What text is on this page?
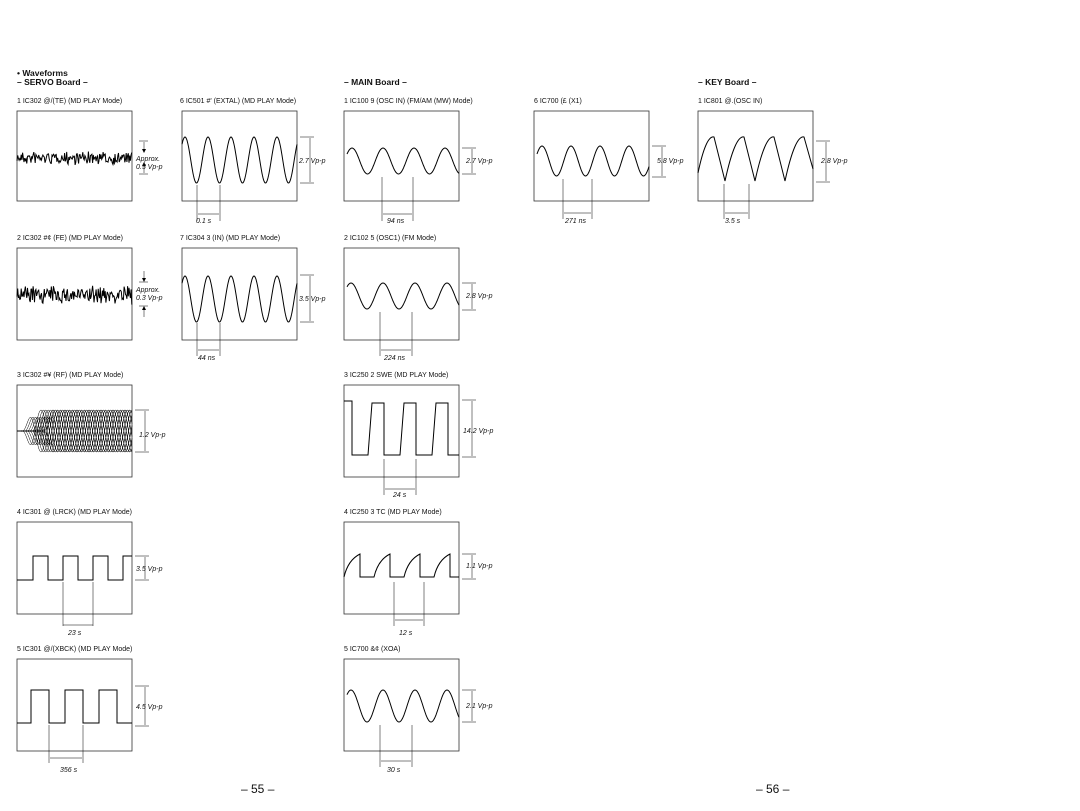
• Waveforms
– SERVO Board –	– MAIN Board –	– KEY Board –
1 IC302 @/(TE) (MD PLAY Mode)
Approx.
0.5 Vp-p
2 IC302 #¢ (FE) (MD PLAY Mode)
Approx.
0.3 Vp-p
3 IC302 #¥ (RF) (MD PLAY Mode)
1.2 Vp-p
4 IC301 @ (LRCK) (MD PLAY Mode)
23 s
3.5 Vp-p
5 IC301 @/(XBCK) (MD PLAY Mode)
4.5 Vp-p
356 s
6 IC501 #' (EXTAL) (MD PLAY Mode)
2.7 Vp-p
0.1 s
7 IC304 3 (IN) (MD PLAY Mode)
3.5 Vp-p
44 ns
1 IC100 9 (OSC IN) (FM/AM (MW) Mode)
2.7 Vp-p
94 ns
2 IC102 5 (OSC1) (FM Mode)
2.8 Vp-p
224 ns
3 IC250 2 SWE (MD PLAY Mode)
14.2 Vp-p
24 s
4 IC250 3 TC (MD PLAY Mode)
1.1 Vp-p
12 s
5 IC700 &¢ (XOA)
2.1 Vp-p
30 s
6 IC700 (£ (X1)
5.8 Vp-p
271 ns
1 IC801 @.(OSC IN)
2.8 Vp-p
3.5 s
– 55 –	– 56 –
